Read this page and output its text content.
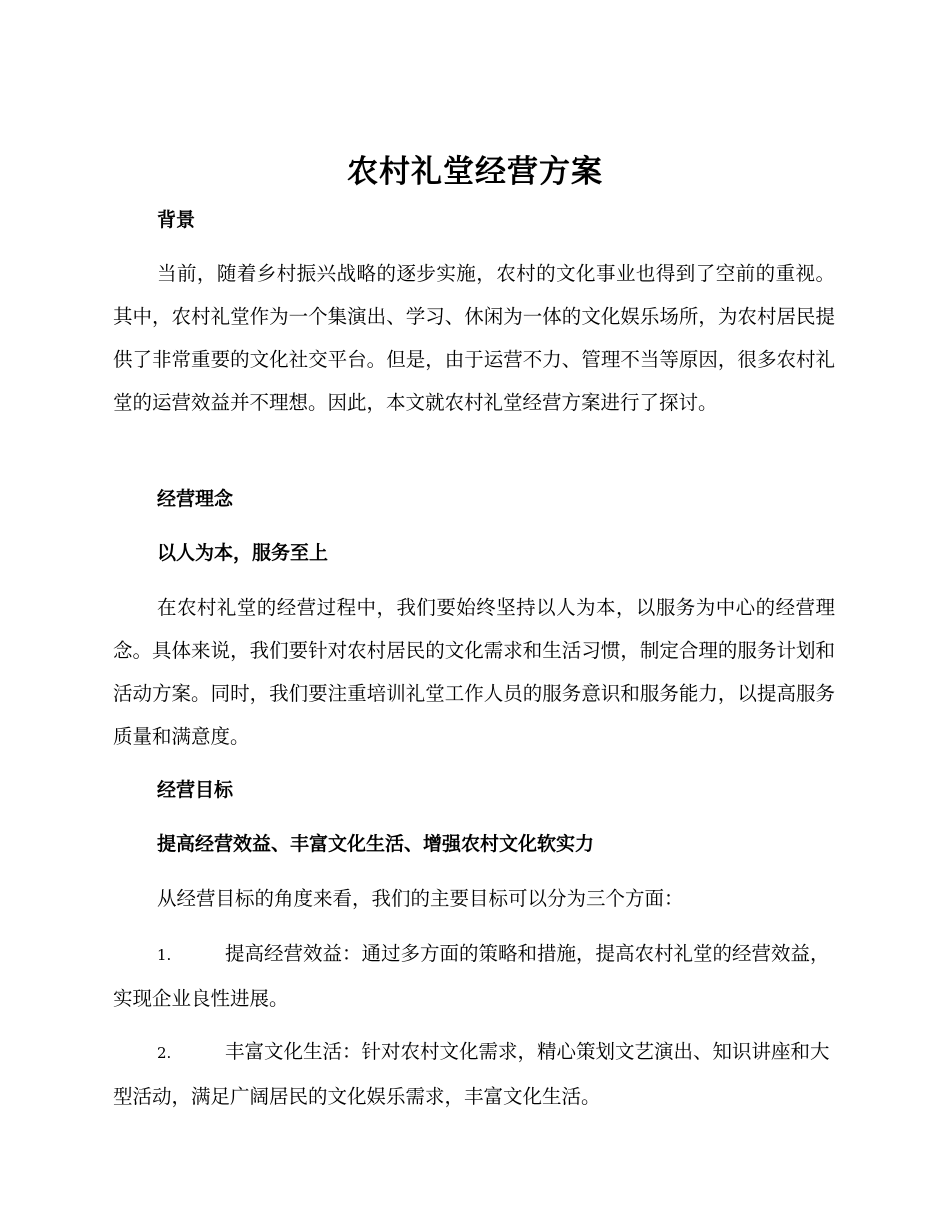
农村礼堂经营方案
背景
当前，随着乡村振兴战略的逐步实施，农村的文化事业也得到了空前的重视。其中，农村礼堂作为一个集演出、学习、休闲为一体的文化娱乐场所，为农村居民提供了非常重要的文化社交平台。但是，由于运营不力、管理不当等原因，很多农村礼堂的运营效益并不理想。因此，本文就农村礼堂经营方案进行了探讨。
经营理念
以人为本，服务至上
在农村礼堂的经营过程中，我们要始终坚持以人为本，以服务为中心的经营理念。具体来说，我们要针对农村居民的文化需求和生活习惯，制定合理的服务计划和活动方案。同时，我们要注重培训礼堂工作人员的服务意识和服务能力，以提高服务质量和满意度。
经营目标
提高经营效益、丰富文化生活、增强农村文化软实力
从经营目标的角度来看，我们的主要目标可以分为三个方面：
1.	提高经营效益：通过多方面的策略和措施，提高农村礼堂的经营效益，实现企业良性进展。
2.	丰富文化生活：针对农村文化需求，精心策划文艺演出、知识讲座和大型活动，满足广阔居民的文化娱乐需求，丰富文化生活。
